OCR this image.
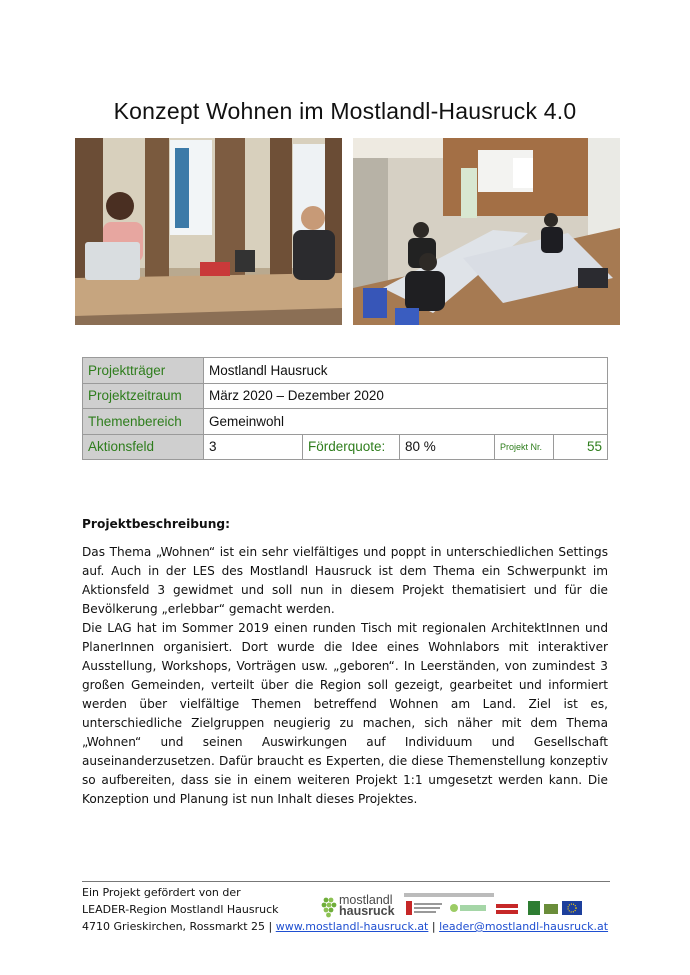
Konzept Wohnen im Mostlandl-Hausruck 4.0
Projektträger	Mostlandl Hausruck				
Projektzeitraum	März 2020 – Dezember 2020				
Themenbereich	Gemeinwohl				
Aktionsfeld	3	Förderquote:	80 %	Projekt Nr.	55
Projektbeschreibung:

Das Thema „Wohnen“ ist ein sehr vielfältiges und poppt in unterschiedlichen Settings auf. Auch in der LES des Mostlandl Hausruck ist dem Thema ein Schwerpunkt im Aktionsfeld 3 gewidmet und soll nun in diesem Projekt thematisiert und für die Bevölkerung „erlebbar“ gemacht werden.

Die LAG hat im Sommer 2019 einen runden Tisch mit regionalen ArchitektInnen und PlanerInnen organisiert. Dort wurde die Idee eines Wohnlabors mit interaktiver Ausstellung, Workshops, Vorträgen usw. „geboren“. In Leerständen, von zumindest 3 großen Gemeinden, verteilt über die Region soll gezeigt, gearbeitet und informiert werden über vielfältige Themen betreffend Wohnen am Land. Ziel ist es, unterschiedliche Zielgruppen neugierig zu machen, sich näher mit dem Thema „Wohnen“ und seinen Auswirkungen auf Individuum und Gesellschaft auseinanderzusetzen. Dafür braucht es Experten, die diese Themenstellung konzeptiv so aufbereiten, dass sie in einem weiteren Projekt 1:1 umgesetzt werden kann. Die Konzeption und Planung ist nun Inhalt dieses Projektes.

Ein Projekt gefördert von der
LEADER-Region Mostlandl Hausruck
4710 Grieskirchen, Rossmarkt 25 | www.mostlandl-hausruck.at | leader@mostlandl-hausruck.at
mostlandl
hausruck
